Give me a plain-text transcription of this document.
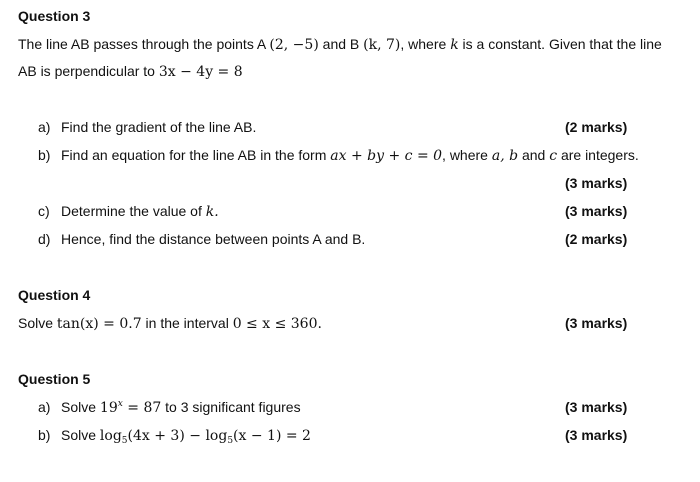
Question 3
The line AB passes through the points A (2, −5) and B (k, 7), where k is a constant. Given that the line
AB is perpendicular to 3x − 4y = 8
a) Find the gradient of the line AB.	(2 marks)
b) Find an equation for the line AB in the form ax + by + c = 0, where a, b and c are integers.
(3 marks)
c) Determine the value of k.	(3 marks)
d) Hence, find the distance between points A and B.	(2 marks)
Question 4
Solve tan(x) = 0.7 in the interval 0 ≤ x ≤ 360.	(3 marks)
Question 5
a) Solve $19^x = 87$ to 3 significant figures	(3 marks)
b) Solve $\log_5(4x + 3) - \log_5(x - 1) = 2$	(3 marks)
